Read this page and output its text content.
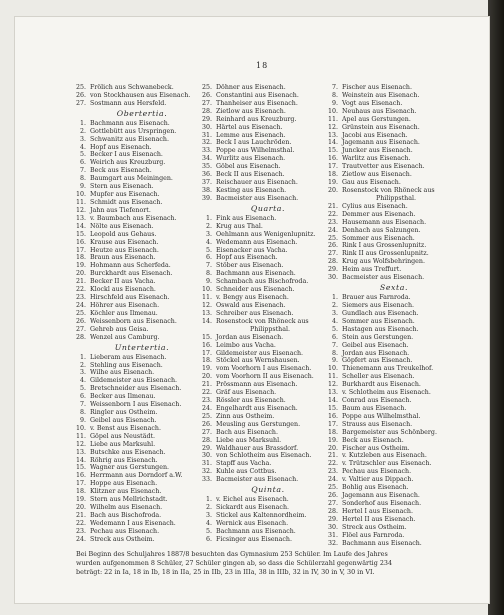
18
25. Frölich aus Schwanebeck.
26. von Stockhausen aus Eisenach.
27. Sostmann aus Hersfeld.
Obertertia.
1. Bachmann aus Eisenach.
2. Gottlebütt aus Urspringen.
3. Schwanitz aus Eisenach.
4. Hopf aus Eisenach.
5. Becker I aus Eisenach.
6. Weirich aus Kreuzburg.
7. Beck aus Eisenach.
8. Baumgart aus Meiningen.
9. Stern aus Eisenach.
10. Mupfer aus Eisenach.
11. Schmidt aus Eisenach.
12. Jahn aus Tiefenort.
13. v. Baumbach aus Eisenach.
14. Nölte aus Eisenach.
15. Leopold aus Gehaus.
16. Krause aus Eisenach.
17. Heutze aus Eisenach.
18. Braun aus Eisenach.
19. Hohmann aus Scherfeda.
20. Burckhardt aus Eisenach.
21. Becker II aus Vacha.
22. Klockl aus Eisenach.
23. Hirschfeld aus Eisenach.
24. Höhrer aus Eisenach.
25. Köchler aus Ilmenau.
26. Weissenborn aus Eisenach.
27. Gehreb aus Geisa.
28. Wenzel aus Camburg.
Untertertia.
1. Lieberam aus Eisenach.
2. Stehling aus Eisenach.
3. Wilhe aus Eisenach.
4. Gildemeister aus Eisenach.
5. Bretschneider aus Eisenach.
6. Becker aus Ilmenau.
7. Weissenborn I aus Eisenach.
8. Ringler aus Ostheim.
9. Geibel aus Eisenach.
10. v. Benst aus Eisenach.
11. Göpel aus Neustädt.
12. Liebe aus Marksuhl.
13. Butschke aus Eisenach.
14. Röhrig aus Eisenach.
15. Wagner aus Gerstungen.
16. Herrmann aus Dorndorf a.W.
17. Hoppe aus Eisenach.
18. Klitzner aus Eisenach.
19. Stern aus Mellrichstadt.
20. Wilhelm aus Eisenach.
21. Bach aus Bischofroda.
22. Wedemann I aus Eisenach.
23. Pechau aus Eisenach.
24. Streck aus Ostheim.
25. Döhner aus Eisenach.
26. Constantini aus Eisenach.
27. Thanheiser aus Eisenach.
28. Zietlow aus Eisenach.
29. Reinhard aus Kreuzburg.
30. Härtel aus Eisenach.
31. Lemme aus Eisenach.
32. Beck I aus Lauchröden.
33. Poppe aus Wilhelmsthal.
34. Wurlitz aus Eisenach.
35. Göbel aus Eisenach.
36. Beck II aus Eisenach.
37. Reischauer aus Eisenach.
38. Kesting aus Eisenach.
39. Bacmeister aus Eisenach.
Quarta.
1. Fink aus Eisenach.
2. Krug aus Thal.
3. Oehlmann aus Wenigenlupnitz.
4. Wedemann aus Eisenach.
5. Eisenacker aus Vacha.
6. Hopf aus Eisenach.
7. Stöber aus Eisenach.
8. Bachmann aus Eisenach.
9. Schambach aus Bischofroda.
10. Schneider aus Eisenach.
11. v. Bengy aus Eisenach.
12. Oswald aus Eisenach.
13. Schreiber aus Eisenach.
14. Rosenstock von Rhöneck aus
Philippsthal.
15. Jordan aus Eisenach.
16. Leimbo aus Vacha.
17. Gildemeister aus Eisenach.
18. Stöckel aus Wernshausen.
19. vom Voorhorn I aus Eisenach.
20. vom Voorhorn II aus Eisenach.
21. Prössmann aus Eisenach.
22. Gräf aus Eisenach.
23. Rössler aus Eisenach.
24. Engelhardt aus Eisenach.
25. Zinn aus Ostheim.
26. Meusling aus Gerstungen.
27. Bach aus Eisenach.
28. Liebe aus Marksuhl.
29. Waldhauer aus Brassdorf.
30. von Schlotheim aus Eisenach.
31. Stapff aus Vacha.
32. Kuhle aus Cottbus.
33. Bacmeister aus Eisenach.
Quinta.
1. v. Eichel aus Eisenach.
2. Sickardt aus Eisenach.
3. Stickel aus Kaltennordheim.
4. Wernick aus Eisenach.
5. Bachmann aus Eisenach.
6. Ficsinger aus Eisenach.
7. Fischer aus Eisenach.
8. Weinstein aus Eisenach.
9. Vogt aus Eisenach.
10. Neuhaus aus Eisenach.
11. Apel aus Gerstungen.
12. Grünstein aus Eisenach.
13. Jacobi aus Eisenach.
14. Jagemann aus Eisenach.
15. Juncker aus Eisenach.
16. Warlitz aus Eisenach.
17. Trautvetter aus Eisenach.
18. Zietlow aus Eisenach.
19. Gau aus Eisenach.
20. Rosenstock von Rhöneck aus
Philippsthal.
21. Cylius aus Eisenach.
22. Demmer aus Eisenach.
23. Hausemann aus Eisenach.
24. Denhach aus Salzungen.
25. Sommer aus Eisenach.
26. Rink I aus Grossenlupnitz.
27. Rink II aus Grossenlupnitz.
28. Krug aus Wolfsbehringen.
29. Heim aus Treffurt.
30. Bacmeister aus Eisenach.
Sexta.
1. Brauer aus Farnroda.
2. Siemers aus Eisenach.
3. Gundlach aus Eisenach.
4. Sommer aus Eisenach.
5. Hastagen aus Eisenach.
6. Stein aus Gerstungen.
7. Geibel aus Eisenach.
8. Jordan aus Eisenach.
9. Göpfert aus Eisenach.
10. Thienemann aus Treukelhof.
11. Scheller aus Eisenach.
12. Burkhardt aus Eisenach.
13. v. Schlotheim aus Eisenach.
14. Conrad aus Eisenach.
15. Baum aus Eisenach.
16. Poppe aus Wilhelmsthal.
17. Strauss aus Eisenach.
18. Bargemeister aus Schönberg.
19. Beck aus Eisenach.
20. Fischer aus Ostheim.
21. v. Kutzleben aus Eisenach.
22. v. Trützschler aus Eisenach.
23. Pechau aus Eisenach.
24. v. Valtier aus Dippach.
25. Bohlig aus Eisenach.
26. Jagemann aus Eisenach.
27. Sonderhof aus Eisenach.
28. Hertel I aus Eisenach.
29. Hertel II aus Eisenach.
30. Streck aus Ostheim.
31. Flöel aus Farnroda.
32. Bachmann aus Eisenach.
Bei Beginn des Schuljahres 1887/8 besuchten das Gymnasium 253 Schüler. Im Laufe des Jahres
wurden aufgenommen 8 Schüler, 27 Schüler gingen ab, so dass die Schülerzahl gegenwärtig 234
beträgt: 22 in Ia, 18 in Ib, 18 in IIa, 25 in IIb, 23 in IIIa, 38 in IIIb, 32 in IV, 30 in V, 30 in VI.
